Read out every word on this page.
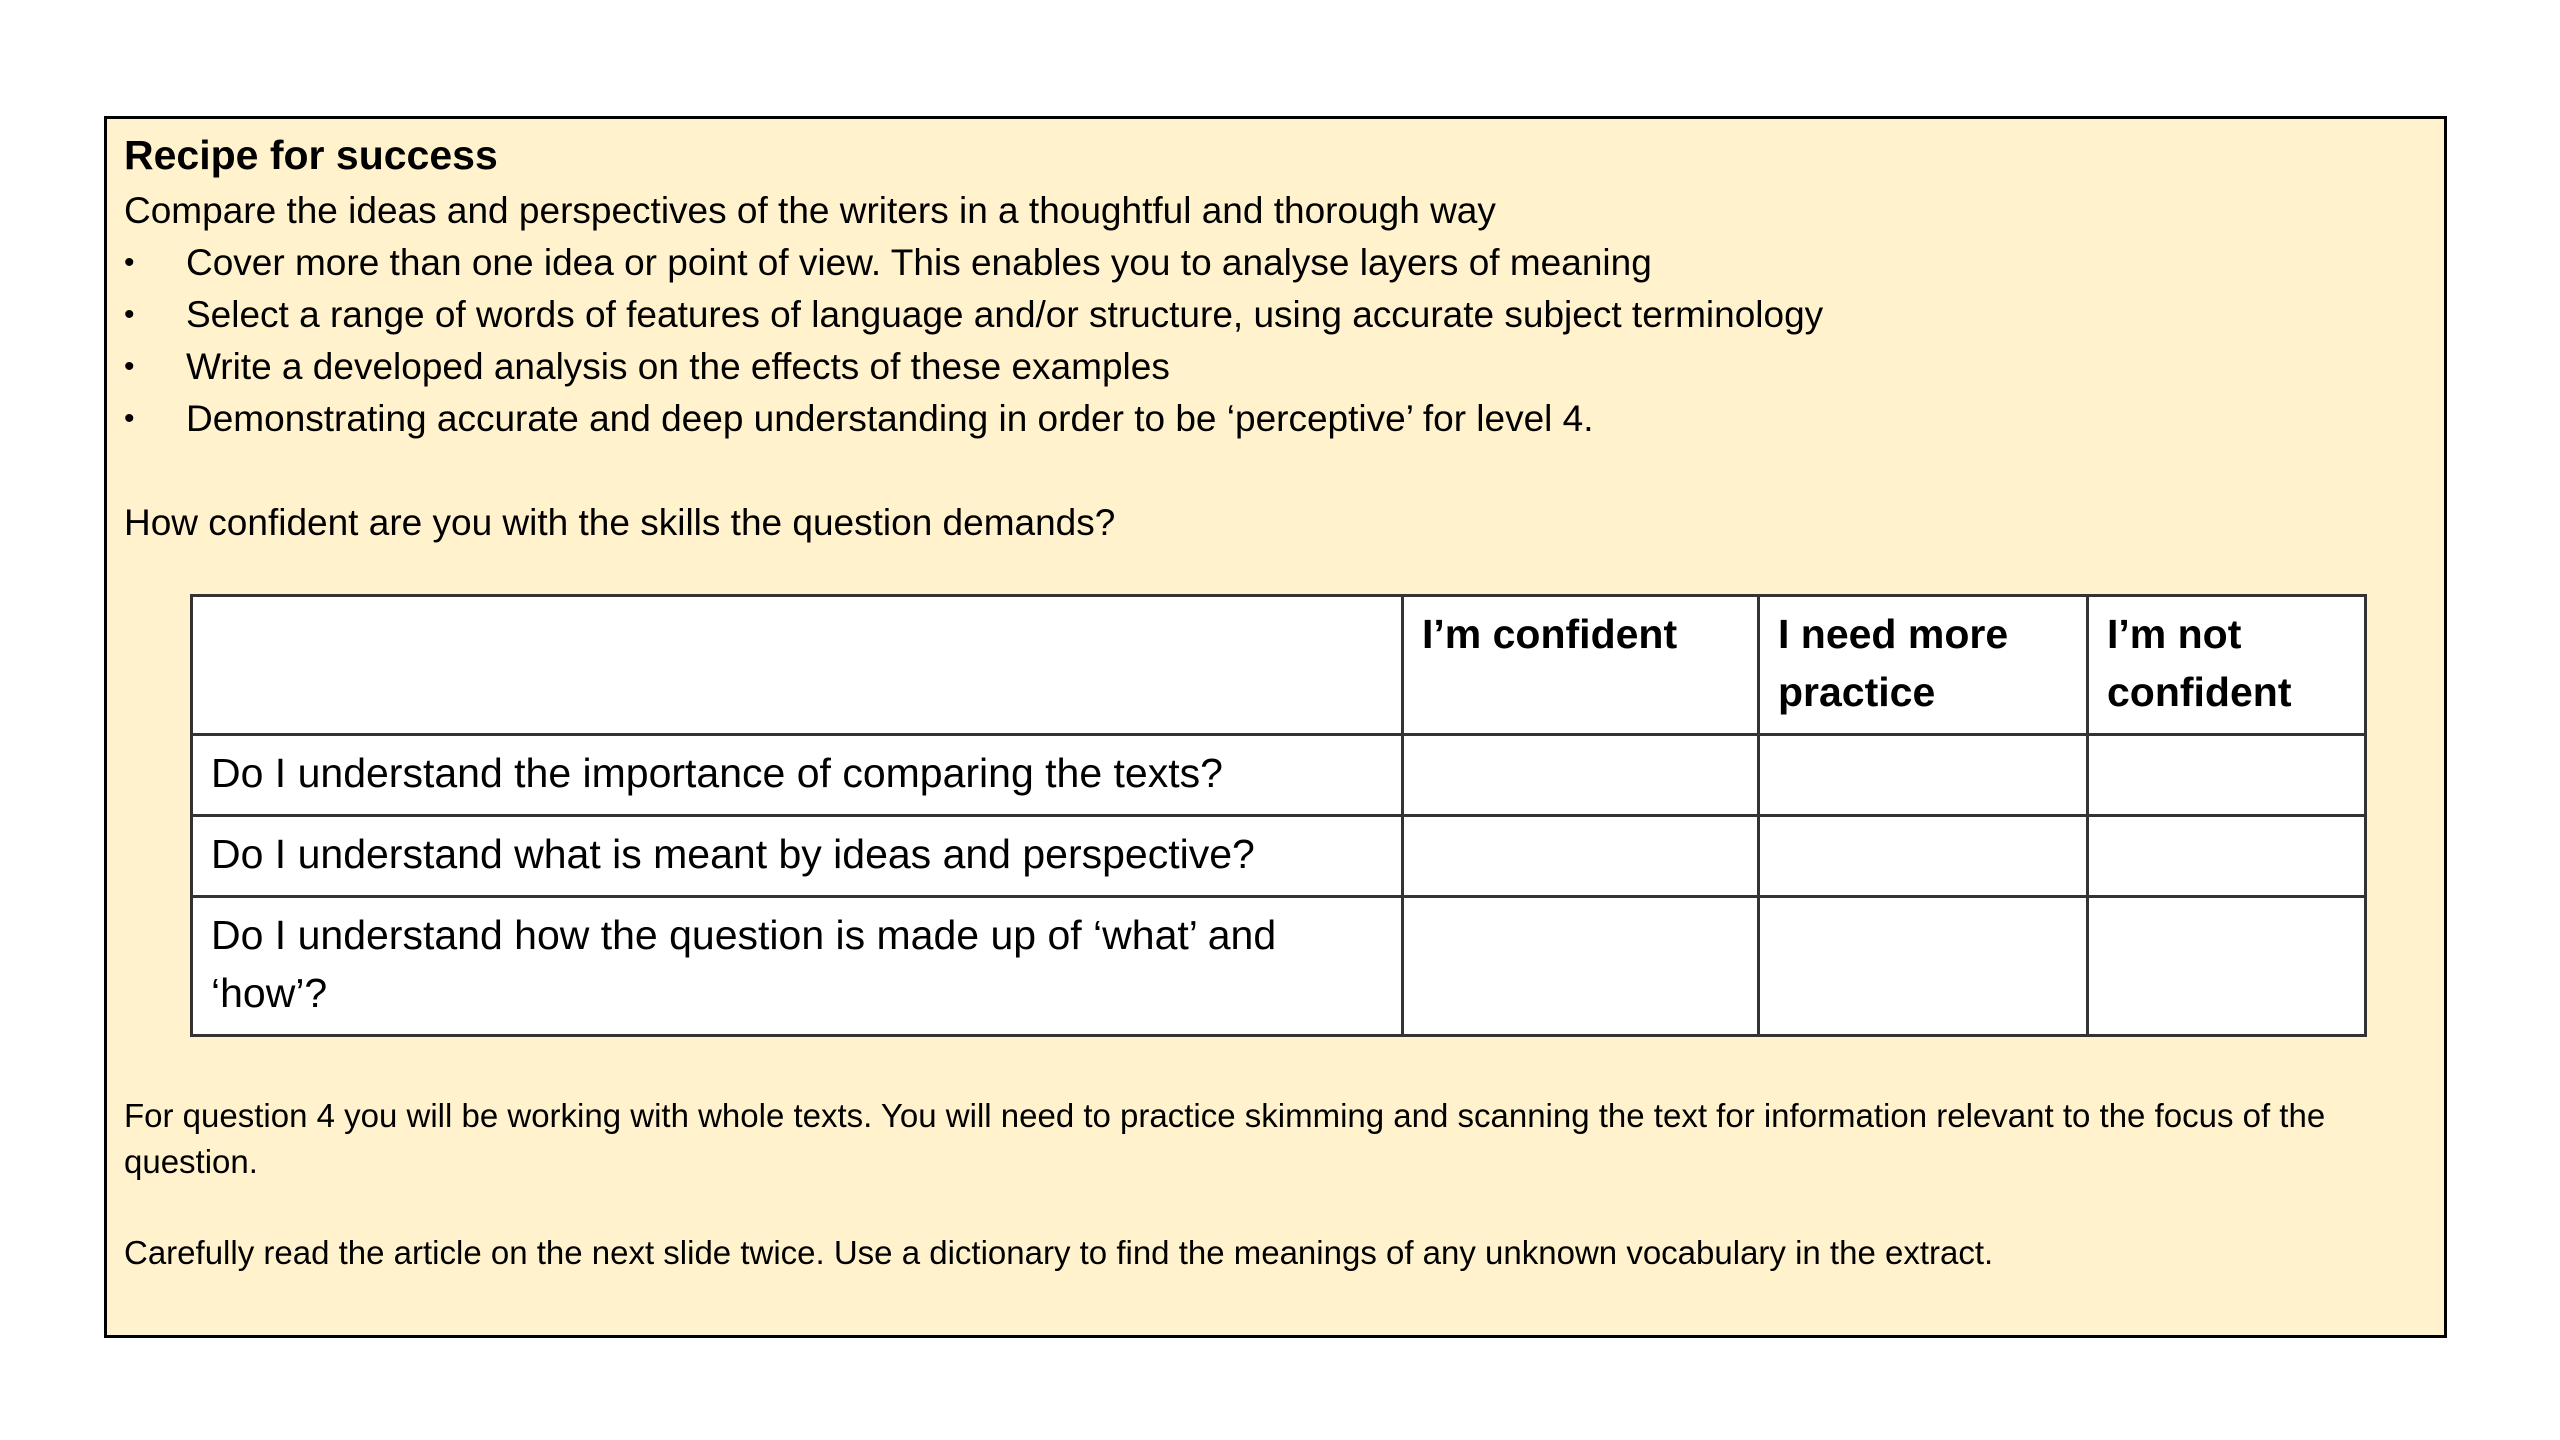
Recipe for success
Compare the ideas and perspectives of the writers in a thoughtful and thorough way
•	Cover more than one idea or point of view. This enables you to analyse layers of meaning
•	Select a range of words of features of language and/or structure, using accurate subject terminology
•	Write a developed analysis on the effects of these examples
•	Demonstrating accurate and deep understanding in order to be ‘perceptive’ for level 4.
How confident are you with the skills the question demands?
	I’m confident	I need more practice	I’m not confident
Do I understand the importance of comparing the texts?			
Do I understand what is meant by ideas and perspective?			
Do I understand how the question is made up of ‘what’ and ‘how’?			
For question 4 you will be working with whole texts. You will need to practice skimming and scanning the text for information relevant to the focus of the question.
Carefully read the article on the next slide twice. Use a dictionary to find the meanings of any unknown vocabulary in the extract.
